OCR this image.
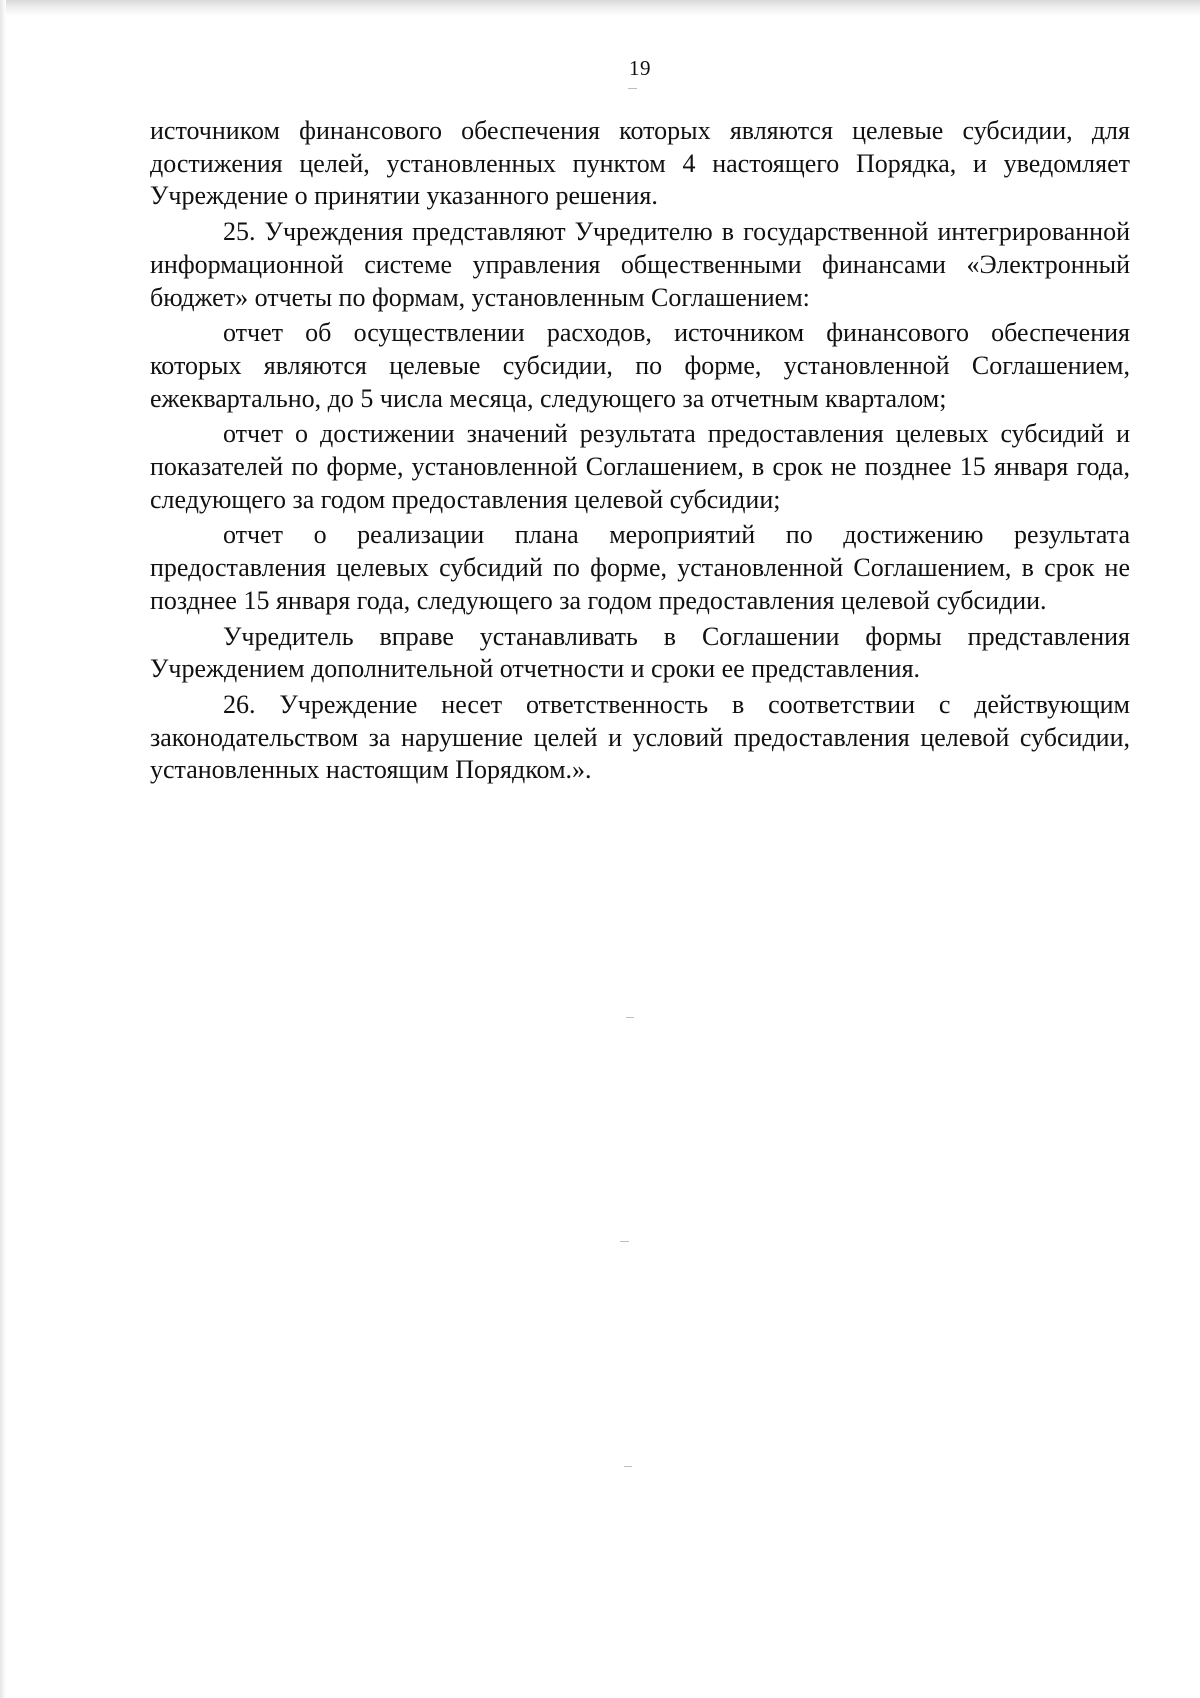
19

источником финансового обеспечения которых являются целевые субсидии, для достижения целей, установленных пунктом 4 настоящего Порядка, и уведомляет Учреждение о принятии указанного решения.

25. Учреждения представляют Учредителю в государственной интегрированной информационной системе управления общественными финансами «Электронный бюджет» отчеты по формам, установленным Соглашением:

отчет об осуществлении расходов, источником финансового обеспечения которых являются целевые субсидии, по форме, установленной Соглашением, ежеквартально, до 5 числа месяца, следующего за отчетным кварталом;

отчет о достижении значений результата предоставления целевых субсидий и показателей по форме, установленной Соглашением, в срок не позднее 15 января года, следующего за годом предоставления целевой субсидии;

отчет о реализации плана мероприятий по достижению результата предоставления целевых субсидий по форме, установленной Соглашением, в срок не позднее 15 января года, следующего за годом предоставления целевой субсидии.

Учредитель вправе устанавливать в Соглашении формы представления Учреждением дополнительной отчетности и сроки ее представления.

26. Учреждение несет ответственность в соответствии с действующим законодательством за нарушение целей и условий предоставления целевой субсидии, установленных настоящим Порядком.».
